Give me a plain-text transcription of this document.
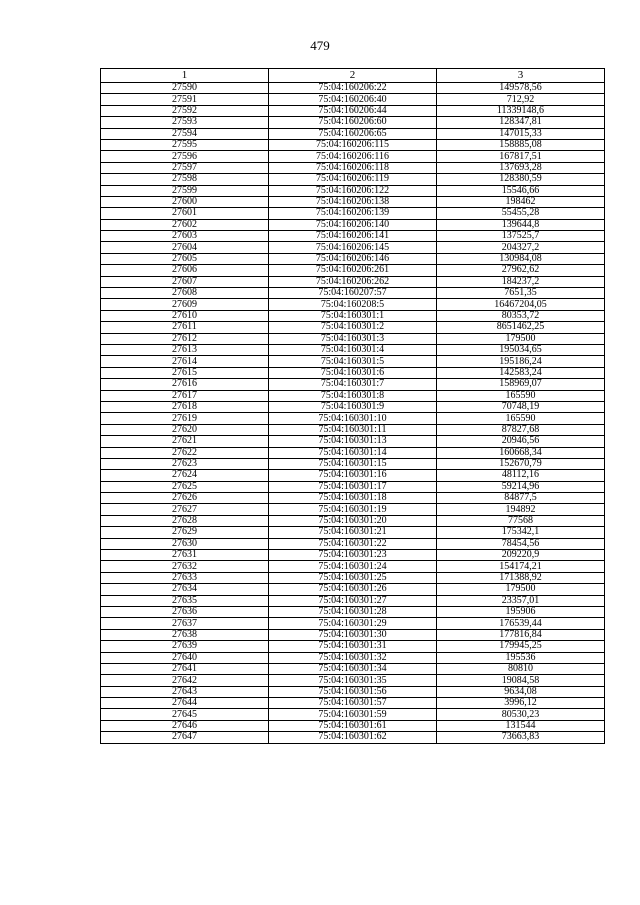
479
1	2	3
27590	75:04:160206:22	149578,56
27591	75:04:160206:40	712,92
27592	75:04:160206:44	11339148,6
27593	75:04:160206:60	128347,81
27594	75:04:160206:65	147015,33
27595	75:04:160206:115	158885,08
27596	75:04:160206:116	167817,51
27597	75:04:160206:118	137693,28
27598	75:04:160206:119	128380,59
27599	75:04:160206:122	15546,66
27600	75:04:160206:138	198462
27601	75:04:160206:139	55455,28
27602	75:04:160206:140	139644,8
27603	75:04:160206:141	137525,7
27604	75:04:160206:145	204327,2
27605	75:04:160206:146	130984,08
27606	75:04:160206:261	27962,62
27607	75:04:160206:262	184237,2
27608	75:04:160207:57	7651,35
27609	75:04:160208:5	16467204,05
27610	75:04:160301:1	80353,72
27611	75:04:160301:2	8651462,25
27612	75:04:160301:3	179500
27613	75:04:160301:4	195034,65
27614	75:04:160301:5	195186,24
27615	75:04:160301:6	142583,24
27616	75:04:160301:7	158969,07
27617	75:04:160301:8	165590
27618	75:04:160301:9	70748,19
27619	75:04:160301:10	165590
27620	75:04:160301:11	87827,68
27621	75:04:160301:13	20946,56
27622	75:04:160301:14	160668,34
27623	75:04:160301:15	152670,79
27624	75:04:160301:16	48112,16
27625	75:04:160301:17	59214,96
27626	75:04:160301:18	84877,5
27627	75:04:160301:19	194892
27628	75:04:160301:20	77568
27629	75:04:160301:21	175342,1
27630	75:04:160301:22	78454,56
27631	75:04:160301:23	209220,9
27632	75:04:160301:24	154174,21
27633	75:04:160301:25	171388,92
27634	75:04:160301:26	179500
27635	75:04:160301:27	23357,01
27636	75:04:160301:28	195906
27637	75:04:160301:29	176539,44
27638	75:04:160301:30	177816,84
27639	75:04:160301:31	179945,25
27640	75:04:160301:32	195536
27641	75:04:160301:34	80810
27642	75:04:160301:35	19084,58
27643	75:04:160301:56	9634,08
27644	75:04:160301:57	3996,12
27645	75:04:160301:59	80530,23
27646	75:04:160301:61	131544
27647	75:04:160301:62	73663,83
